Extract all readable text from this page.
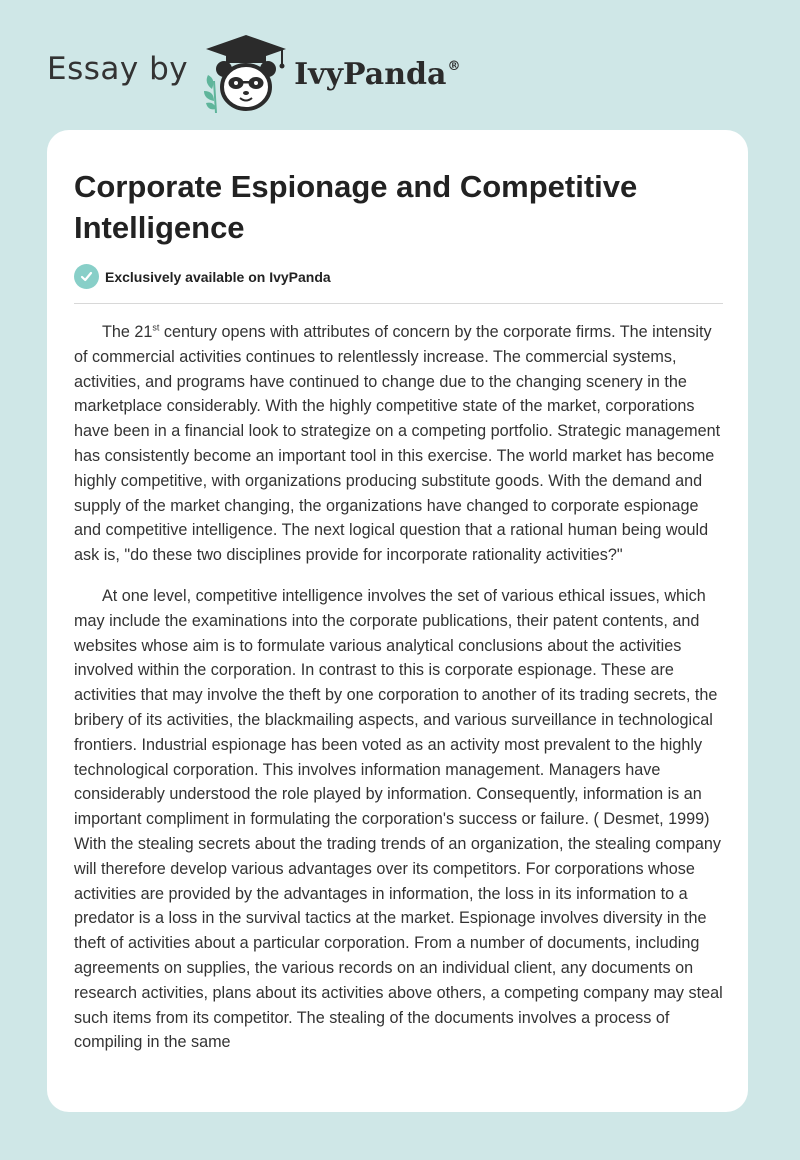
Essay by	IvyPanda®
Corporate Espionage and Competitive Intelligence
Exclusively available on IvyPanda

The 21st century opens with attributes of concern by the corporate firms. The intensity of commercial activities continues to relentlessly increase. The commercial systems, activities, and programs have continued to change due to the changing scenery in the marketplace considerably. With the highly competitive state of the market, corporations have been in a financial look to strategize on a competing portfolio. Strategic management has consistently become an important tool in this exercise. The world market has become highly competitive, with organizations producing substitute goods. With the demand and supply of the market changing, the organizations have changed to corporate espionage and competitive intelligence. The next logical question that a rational human being would ask is, "do these two disciplines provide for incorporate rationality activities?"

At one level, competitive intelligence involves the set of various ethical issues, which may include the examinations into the corporate publications, their patent contents, and websites whose aim is to formulate various analytical conclusions about the activities involved within the corporation. In contrast to this is corporate espionage. These are activities that may involve the theft by one corporation to another of its trading secrets, the bribery of its activities, the blackmailing aspects, and various surveillance in technological frontiers. Industrial espionage has been voted as an activity most prevalent to the highly technological corporation. This involves information management. Managers have considerably understood the role played by information. Consequently, information is an important compliment in formulating the corporation's success or failure. ( Desmet, 1999) With the stealing secrets about the trading trends of an organization, the stealing company will therefore develop various advantages over its competitors. For corporations whose activities are provided by the advantages in information, the loss in its information to a predator is a loss in the survival tactics at the market. Espionage involves diversity in the theft of activities about a particular corporation. From a number of documents, including agreements on supplies, the various records on an individual client, any documents on research activities, plans about its activities above others, a competing company may steal such items from its competitor. The stealing of the documents involves a process of compiling in the same
